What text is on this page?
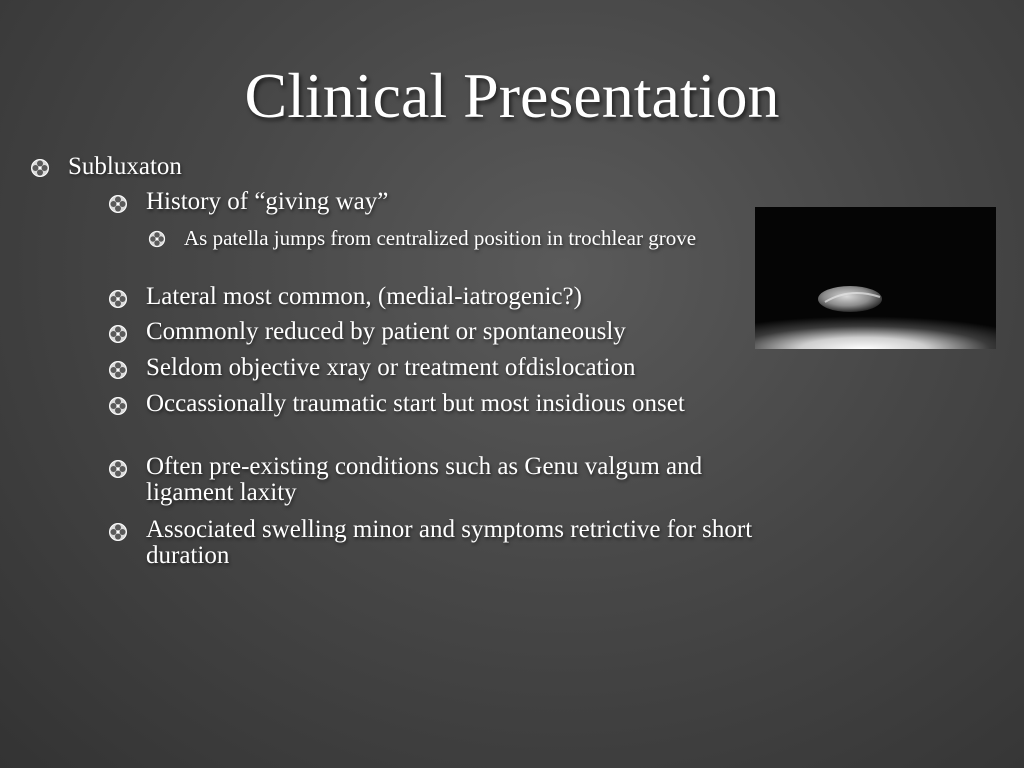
Clinical Presentation
Subluxaton
History of “giving way”
As patella jumps from centralized position in trochlear grove
Lateral most common, (medial-iatrogenic?)
Commonly reduced by patient or spontaneously
Seldom objective xray or treatment ofdislocation
Occassionally traumatic start but most insidious onset
Often pre-existing conditions such as Genu valgum and ligament laxity
Associated swelling minor and symptoms retrictive for short duration
